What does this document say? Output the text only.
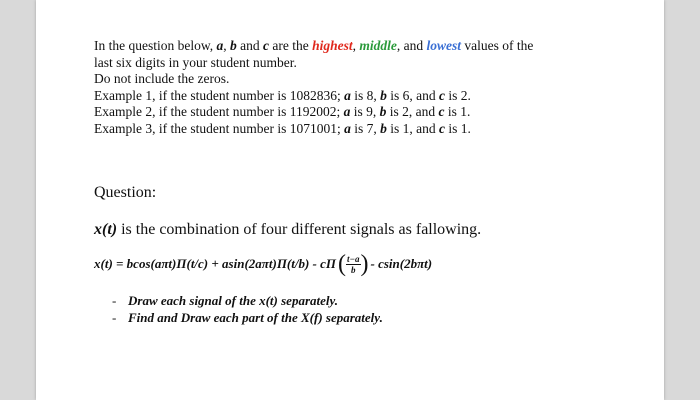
In the question below, a, b and c are the highest, middle, and lowest values of the
last six digits in your student number.
Do not include the zeros.
Example 1, if the student number is 1082836; a is 8, b is 6, and c is 2.
Example 2, if the student number is 1192002; a is 9, b is 2, and c is 1.
Example 3, if the student number is 1071001; a is 7, b is 1, and c is 1.
Question:
x(t) is the combination of four different signals as fallowing.
x(t) = bcos(aπt)Π(t/c) + asin(2aπt)Π(t/b) - cΠ ( $\frac{t-a}{b}$ ) - csin(2bπt)
- Draw each signal of the x(t) separately.
- Find and Draw each part of the X(f) separately.
